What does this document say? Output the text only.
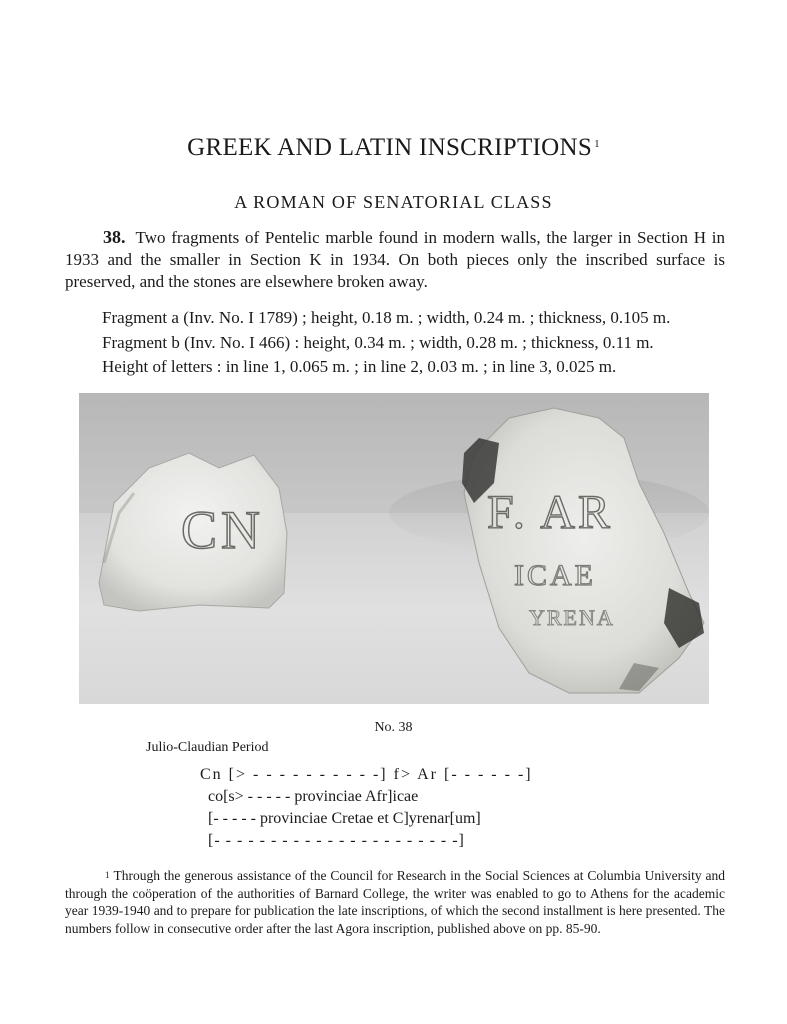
GREEK AND LATIN INSCRIPTIONS $^1$
A ROMAN OF SENATORIAL CLASS
38. Two fragments of Pentelic marble found in modern walls, the larger in Section H in 1933 and the smaller in Section K in 1934. On both pieces only the inscribed surface is preserved, and the stones are elsewhere broken away.
Fragment a (Inv. No. I 1789) ; height, 0.18 m. ; width, 0.24 m. ; thickness, 0.105 m.
Fragment b (Inv. No. I 466) : height, 0.34 m. ; width, 0.28 m. ; thickness, 0.11 m.
Height of letters : in line 1, 0.065 m. ; in line 2, 0.03 m. ; in line 3, 0.025 m.
CN	F. AR
ICAE
YRENA
No. 38
Julio-Claudian Period
Cn [> - - - - - - - - - -] f> Ar [- - - - - -]
co[s> - - - - - provinciae Afr]icae
[- - - - - provinciae Cretae et C]yrenar[um]
[- - - - - - - - - - - - - - - - - - - - - -]
$^1$ Through the generous assistance of the Council for Research in the Social Sciences at Columbia University and through the coöperation of the authorities of Barnard College, the writer was enabled to go to Athens for the academic year 1939-1940 and to prepare for publication the late inscriptions, of which the second installment is here presented. The numbers follow in consecutive order after the last Agora inscription, published above on pp. 85-90.
